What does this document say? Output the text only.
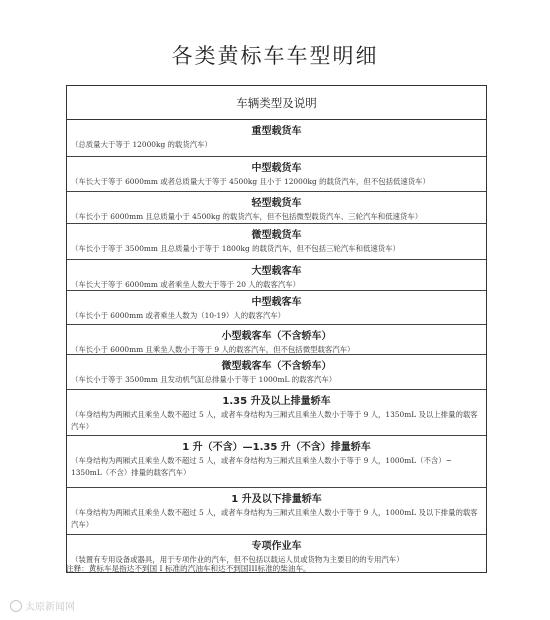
各类黄标车车型明细
车辆类型及说明
重型载货车
（总质量大于等于 12000kg 的载货汽车）
中型载货车
（车长大于等于 6000mm 或者总质量大于等于 4500kg 且小于 12000kg 的载货汽车，但不包括低速货车）
轻型载货车
（车长小于 6000mm 且总质量小于 4500kg 的载货汽车，但不包括微型载货汽车、三轮汽车和低速货车）
微型载货车
（车长小于等于 3500mm 且总质量小于等于 1800kg 的载货汽车，但不包括三轮汽车和低速货车）
大型载客车
（车长大于等于 6000mm 或者乘坐人数大于等于 20 人的载客汽车）
中型载客车
（车长小于 6000mm 或者乘坐人数为（10-19）人的载客汽车）
小型载客车（不含轿车）
（车长小于 6000mm 且乘坐人数小于等于 9 人的载客汽车，但不包括微型载客汽车）
微型载客车（不含轿车）
（车长小于等于 3500mm 且发动机气缸总排量小于等于 1000mL 的载客汽车）
1.35 升及以上排量轿车
（车身结构为两厢式且乘坐人数不超过 5 人，或者车身结构为三厢式且乘坐人数小于等于 9 人，1350mL 及以上排量的载客汽车）
1 升（不含）—1.35 升（不含）排量轿车
（车身结构为两厢式且乘坐人数不超过 5 人，或者车身结构为三厢式且乘坐人数小于等于 9 人，1000mL（不含）~ 1350mL（不含）排量的载客汽车）
1 升及以下排量轿车
（车身结构为两厢式且乘坐人数不超过 5 人，或者车身结构为三厢式且乘坐人数小于等于 9 人，1000mL 及以下排量的载客汽车）
专项作业车
（装置有专用设备或器具，用于专项作业的汽车，但不包括以载运人员或货物为主要目的的专用汽车）
注释：黄标车是指达不到国 I 标准的汽油车和达不到国III标准的柴油车。
太原新闻网
